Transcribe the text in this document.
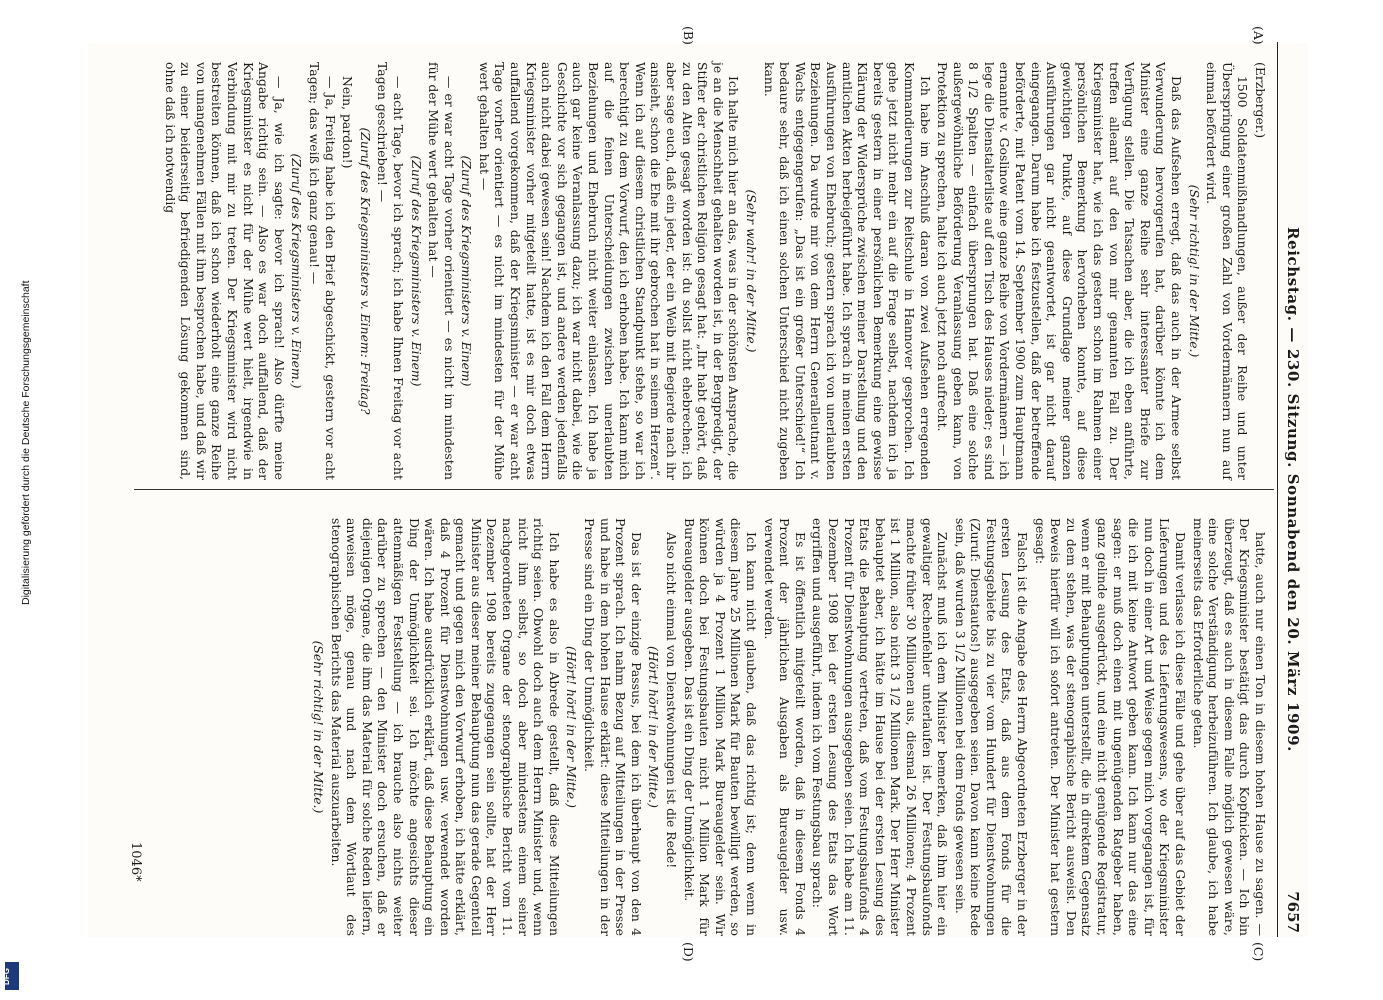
Digitalisierung gefördert durch die Deutsche Forschungsgemeinschaft
DFG
Reichstag. — 230. Sitzung. Sonnabend den 20. März 1909.
7657
(A)
(B)
(C)
(D)

(Erzberger.)

1500 Soldatenmißhandlungen, außer der Reihe und unter Überspringung einer großen Zahl von Vordermännern nun auf einmal befördert wird.

(Sehr richtig! in der Mitte.)

Daß das Aufsehen erregt, daß das auch in der Armee selbst Verwunderung hervorgerufen hat, darüber könnte ich dem Minister eine ganze Reihe sehr interessanter Briefe zur Verfügung stellen. Die Tatsachen aber, die ich eben anführte, treffen alleamt auf den von mir genannten Fall zu. Der Kriegsminister hat, wie ich das gestern schon im Rahmen einer persönlichen Bemerkung hervorheben konnte, auf diese gewichtigen Punkte, auf diese Grundlage meiner ganzen Ausführungen gar nicht geantwortet, ist gar nicht darauf eingegangen. Darum habe ich festzustellen, daß der betreffende beförderte, mit Patent vom 14. September 1900 zum Hauptmann ernannte v. Goslinow eine ganze Reihe von Vordermännern — ich lege die Dienstalterliste auf den Tisch des Hauses nieder; es sind 8 1/2 Spalten — einfach übersprungen hat. Daß eine solche außergewöhnliche Beförderung Veranlassung geben kann, von Protektion zu sprechen, halte ich auch jetzt noch aufrecht.

Ich habe im Anschluß daran von zwei Aufsehen erregenden Kommandierungen zur Reitschule in Hannover gesprochen. Ich gehe jetzt nicht mehr ein auf die Frage selbst, nachdem ich ja bereits gestern in einer persönlichen Bemerkung eine gewisse Klärung der Widersprüche zwischen meiner Darstellung und den amtlichen Akten herbeigeführt habe. Ich sprach in meinen ersten Ausführungen von Ehebruch; gestern sprach ich von unerlaubten Beziehungen. Da wurde mir von dem Herrn Generalleutnant v. Wachs entgegengerufen: „Das ist ein großer Unterschied!“ Ich bedaure sehr, daß ich einen solchen Unterschied nicht zugeben kann.

(Sehr wahr! in der Mitte.)

Ich halte mich hier an das, was in der schönsten Ansprache, die je an die Menschheit gehalten worden ist, in der Bergpredigt, der Stifter der christlichen Religion gesagt hat: „Ihr habt gehört, daß zu den Alten gesagt worden ist: du sollst nicht ehebrechen; ich aber sage euch, daß ein jeder, der ein Weib mit Begierde nach ihr ansieht, schon die Ehe mit ihr gebrochen hat in seinem Herzen“. Wenn ich auf diesem christlichen Standpunkt stehe, so war ich berechtigt zu dem Vorwurf, den ich erhoben habe. Ich kann mich auf die feinen Unterscheidungen zwischen unerlaubten Beziehungen und Ehebruch nicht weiter einlassen. Ich habe ja auch gar keine Veranlassung dazu; ich war nicht dabei, wie die Geschichte vor sich gegangen ist, und andere werden jedenfalls auch nicht dabei gewesen sein! Nachdem ich den Fall dem Herrn Kriegsminister vorher mitgeteilt hatte, ist es mir doch etwas auffallend vorgekommen, daß der Kriegsminister — er war acht Tage vorher orientiert — es nicht im mindesten für der Mühe wert gehalten hat —

(Zuruf des Kriegsministers v. Einem)

— er war acht Tage vorher orientiert — es nicht im mindesten für der Mühe wert gehalten hat —

(Zuruf des Kriegsministers v. Einem)

— acht Tage, bevor ich sprach; ich habe Ihnen Freitag vor acht Tagen geschrieben! —

(Zuruf des Kriegsministers v. Einem: Freitag?

Nein, pardon!)

— Ja, Freitag habe ich den Brief abgeschickt, gestern vor acht Tagen; das weiß ich ganz genau! —

(Zuruf des Kriegsministers v. Einem.)

— Ja, wie ich sagte: bevor ich sprach! Also dürfte meine Angabe richtig sein. — Also es war doch auffallend, daß der Kriegsminister es nicht für der Mühe wert hielt, irgendwie in Verbindung mit mir zu treten. Der Kriegsminister wird nicht bestreiten können, daß ich schon wiederholt eine ganze Reihe von unangenehmen Fällen mit ihm besprochen habe, und daß wir zu einer beiderseitig befriedigenden Lösung gekommen sind, ohne daß ich notwendig

hatte, auch nur einen Ton in diesem hohen Hause zu sagen. — Der Kriegsminister bestätigt das durch Kopfnicken. — Ich bin überzeugt, daß es auch in diesem Falle möglich gewesen wäre, eine solche Verständigung herbeizuführen. Ich glaube, ich habe meinerseits das Erforderliche getan.

Damit verlasse ich diese Fälle und gehe über auf das Gebiet der Lieferungen und des Lieferungswesens, wo der Kriegsminister nun doch in einer Art und Weise gegen mich vorgegangen ist, für die ich mit keine Antwort geben kann. Ich kann nur das eine sagen: er muß doch einen mit ungenügenden Ratgeber haben, ganz gelinde ausgedrückt, und eine nicht genügende Registratur, wenn er mit Behauptungen unterstellt, die in direktem Gegensatz zu dem stehen, was der stenographische Bericht ausweist. Den Beweis hierfür will ich sofort antreten. Der Minister hat gestern gesagt:

Falsch ist die Angabe des Herrn Abgeordneten Erzberger in der ersten Lesung des Etats, daß aus dem Fonds für die Festungsgebiete bis zu vier vom Hundert für Dienstwohnungen (Zuruf: Dienstautos!) ausgegeben seien. Davon kann keine Rede sein, daß wurden 3 1/2 Millionen bei dem Fonds gewesen sein.

Zunächst muß ich dem Minister bemerken, daß ihm hier ein gewaltiger Rechenfehler unterlaufen ist. Der Festungsbaufonds machte früher 30 Millionen aus, diesmal 26 Millionen; 4 Prozent ist 1 Million, also nicht 3 1/2 Millionen Mark. Der Herr Minister behauptet aber, ich hätte im Hause bei der ersten Lesung des Etats die Behauptung vertreten, daß vom Festungsbaufonds 4 Prozent für Dienstwohnungen ausgegeben seien. Ich habe am 11. Dezember 1908 bei der ersten Lesung des Etats das Wort ergriffen und ausgeführt, indem ich vom Festungsbau sprach:

Es ist öffentlich mitgeteilt worden, daß in diesem Fonds 4 Prozent der jährlichen Ausgaben als Bureaugelder usw. verwendet werden.

Ich kann nicht glauben, daß das richtig ist; denn wenn in diesem Jahre 25 Millionen Mark für Bauten bewilligt werden, so würden ja 4 Prozent 1 Million Mark Bureaugelder sein. Wir können doch bei Festungsbauten nicht 1 Million Mark für Bureaugelder ausgeben. Das ist ein Ding der Unmöglichkeit.

Also nicht einmal von Dienstwohnungen ist die Rede!

(Hört! hört! in der Mitte.)

Das ist der einzige Passus, bei dem ich überhaupt von den 4 Prozent sprach. Ich nahm Bezug auf Mitteilungen in der Presse und habe in dem hohen Hause erklärt: diese Mitteilungen in der Presse sind ein Ding der Unmöglichkeit.

(Hört! hört! in der Mitte.)

Ich habe es also in Abrede gestellt, daß diese Mitteilungen richtig seien. Obwohl doch auch dem Herrn Minister und, wenn nicht ihm selbst, so doch aber mindestens einem seiner nachgeordneten Organe der stenographische Bericht vom 11. Dezember 1908 bereits zugegangen sein sollte, hat der Herr Minister aus dieser meiner Behauptung nun das gerade Gegenteil gemacht und gegen mich den Vorwurf erhoben, ich hätte erklärt, daß 4 Prozent für Dienstwohnungen usw. verwendet worden wären. Ich habe ausdrücklich erklärt, daß diese Behauptung ein Ding der Unmöglichkeit sei. Ich möchte angesichts dieser attenmäßigen Feststellung — ich brauche also nichts weiter darüber zu sprechen — den Minister doch ersuchen, daß er diejenigen Organe, die ihm das Material für solche Reden liefern, anweisen möge, genau und nach dem Wortlaut des stenographischen Berichts das Material auszuarbeiten.

(Sehr richtig! in der Mitte.)

1046*
